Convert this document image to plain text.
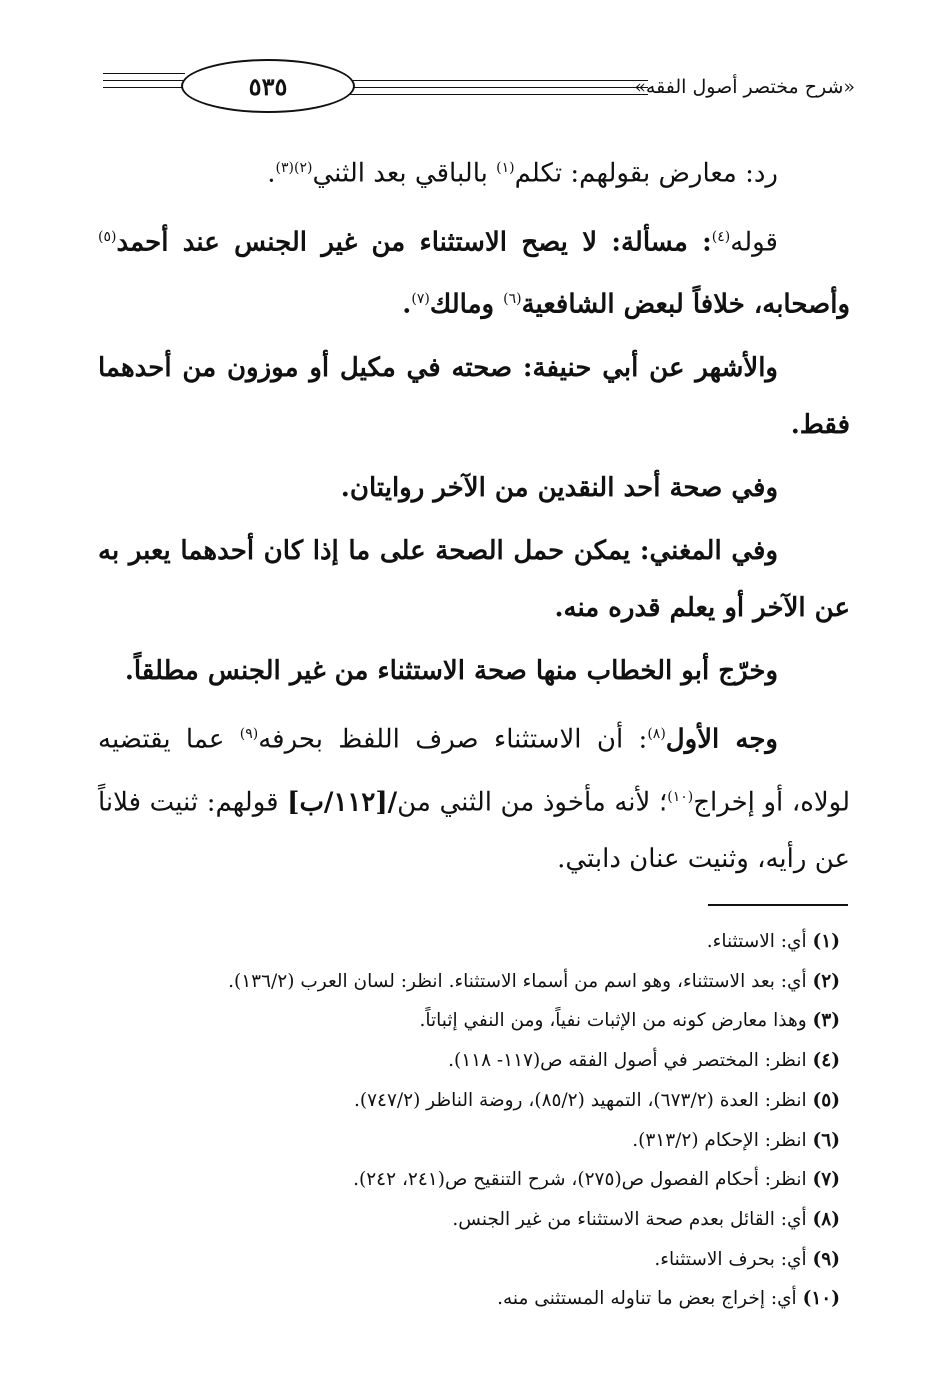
٥٣٥	«شرح مختصر أصول الفقه»

رد: معارض بقولهم: تكلم$^{(١)}$ بالباقي بعد الثني$^{(٢)(٣)}$.

قوله$^{(٤)}$: مسألة: لا يصح الاستثناء من غير الجنس عند أحمد$^{(٥)}$ وأصحابه، خلافاً لبعض الشافعية$^{(٦)}$ ومالك$^{(٧)}$.

والأشهر عن أبي حنيفة: صحته في مكيل أو موزون من أحدهما فقط.

وفي صحة أحد النقدين من الآخر روايتان.

وفي المغني: يمكن حمل الصحة على ما إذا كان أحدهما يعبر به عن الآخر أو يعلم قدره منه.

وخرّج أبو الخطاب منها صحة الاستثناء من غير الجنس مطلقاً.

وجه الأول$^{(٨)}$: أن الاستثناء صرف اللفظ بحرفه$^{(٩)}$ عما يقتضيه لولاه، أو إخراج$^{(١٠)}$؛ لأنه مأخوذ من الثني من/[١١٢/ب] قولهم: ثنيت فلاناً عن رأيه، وثنيت عنان دابتي.

(١) أي: الاستثناء.
(٢) أي: بعد الاستثناء، وهو اسم من أسماء الاستثناء. انظر: لسان العرب (١٣٦/٢).
(٣) وهذا معارض كونه من الإثبات نفياً، ومن النفي إثباتاً.
(٤) انظر: المختصر في أصول الفقه ص(١١٧- ١١٨).
(٥) انظر: العدة (٦٧٣/٢)، التمهيد (٨٥/٢)، روضة الناظر (٧٤٧/٢).
(٦) انظر: الإحكام (٣١٣/٢).
(٧) انظر: أحكام الفصول ص(٢٧٥)، شرح التنقيح ص(٢٤١، ٢٤٢).
(٨) أي: القائل بعدم صحة الاستثناء من غير الجنس.
(٩) أي: بحرف الاستثناء.
(١٠) أي: إخراج بعض ما تناوله المستثنى منه.
